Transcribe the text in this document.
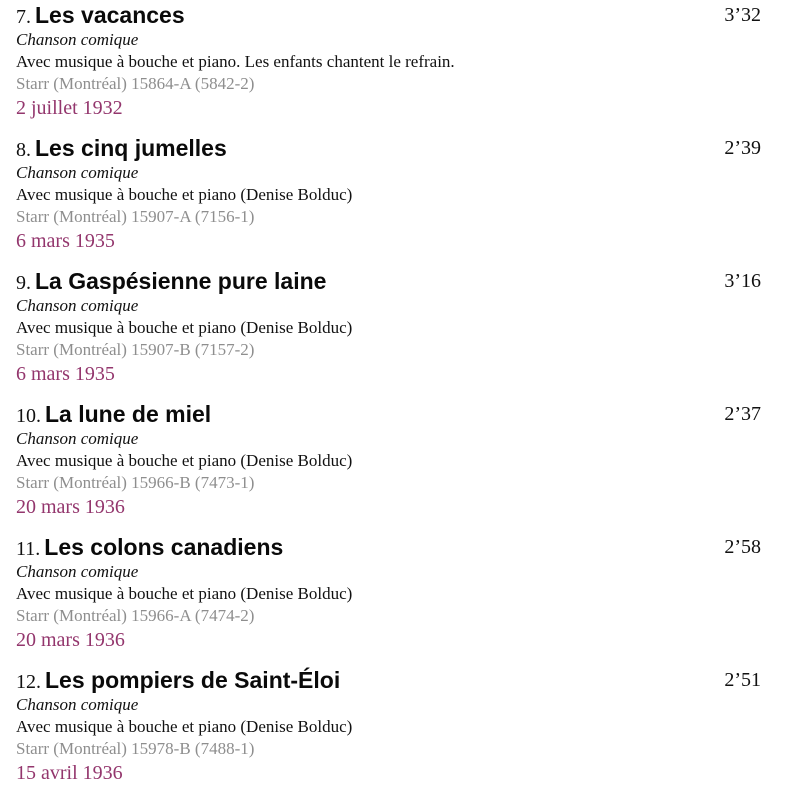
7. Les vacances	3’32
Chanson comique
Avec musique à bouche et piano. Les enfants chantent le refrain.
Starr (Montréal) 15864-A (5842-2)
2 juillet 1932
8. Les cinq jumelles	2’39
Chanson comique
Avec musique à bouche et piano (Denise Bolduc)
Starr (Montréal) 15907-A (7156-1)
6 mars 1935
9. La Gaspésienne pure laine	3’16
Chanson comique
Avec musique à bouche et piano (Denise Bolduc)
Starr (Montréal) 15907-B (7157-2)
6 mars 1935
10. La lune de miel	2’37
Chanson comique
Avec musique à bouche et piano (Denise Bolduc)
Starr (Montréal) 15966-B (7473-1)
20 mars 1936
11. Les colons canadiens	2’58
Chanson comique
Avec musique à bouche et piano (Denise Bolduc)
Starr (Montréal) 15966-A (7474-2)
20 mars 1936
12. Les pompiers de Saint-Éloi	2’51
Chanson comique
Avec musique à bouche et piano (Denise Bolduc)
Starr (Montréal) 15978-B (7488-1)
15 avril 1936
